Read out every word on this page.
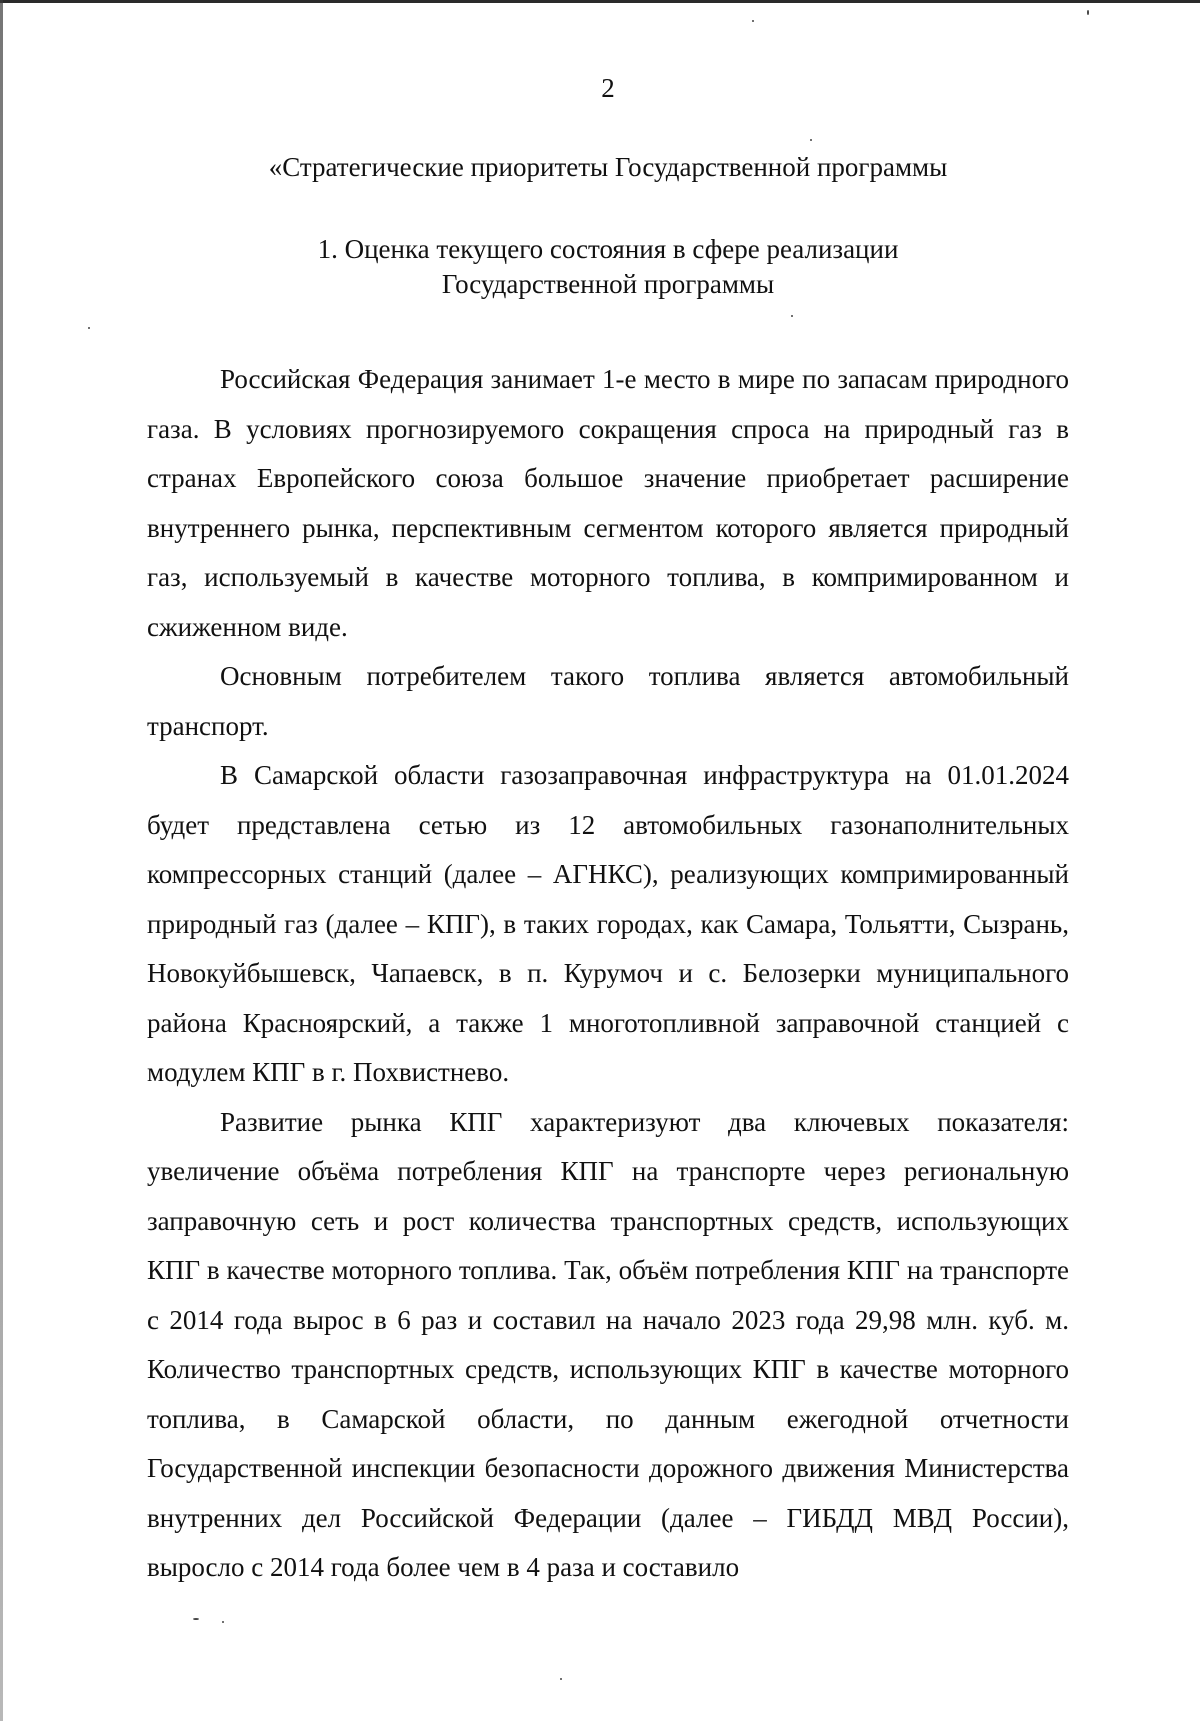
2

«Стратегические приоритеты Государственной программы

1. Оценка текущего состояния в сфере реализации
Государственной программы

Российская Федерация занимает 1-е место в мире по запасам природного газа. В условиях прогнозируемого сокращения спроса на природный газ в странах Европейского союза большое значение приобретает расширение внутреннего рынка, перспективным сегментом которого является природный газ, используемый в качестве моторного топлива, в компримированном и сжиженном виде.

Основным потребителем такого топлива является автомобильный транспорт.

В Самарской области газозаправочная инфраструктура на 01.01.2024 будет представлена сетью из 12 автомобильных газонаполнительных компрессорных станций (далее – АГНКС), реализующих компримированный природный газ (далее – КПГ), в таких городах, как Самара, Тольятти, Сызрань, Новокуйбышевск, Чапаевск, в п. Курумоч и с. Белозерки муниципального района Красноярский, а также 1 многотопливной заправочной станцией с модулем КПГ в г. Похвистнево.

Развитие рынка КПГ характеризуют два ключевых показателя: увеличение объёма потребления КПГ на транспорте через региональную заправочную сеть и рост количества транспортных средств, использующих КПГ в качестве моторного топлива. Так, объём потребления КПГ на транспорте с 2014 года вырос в 6 раз и составил на начало 2023 года 29,98 млн. куб. м. Количество транспортных средств, использующих КПГ в качестве моторного топлива, в Самарской области, по данным ежегодной отчетности Государственной инспекции безопасности дорожного движения Министерства внутренних дел Российской Федерации (далее – ГИБДД МВД России), выросло с 2014 года более чем в 4 раза и составило
